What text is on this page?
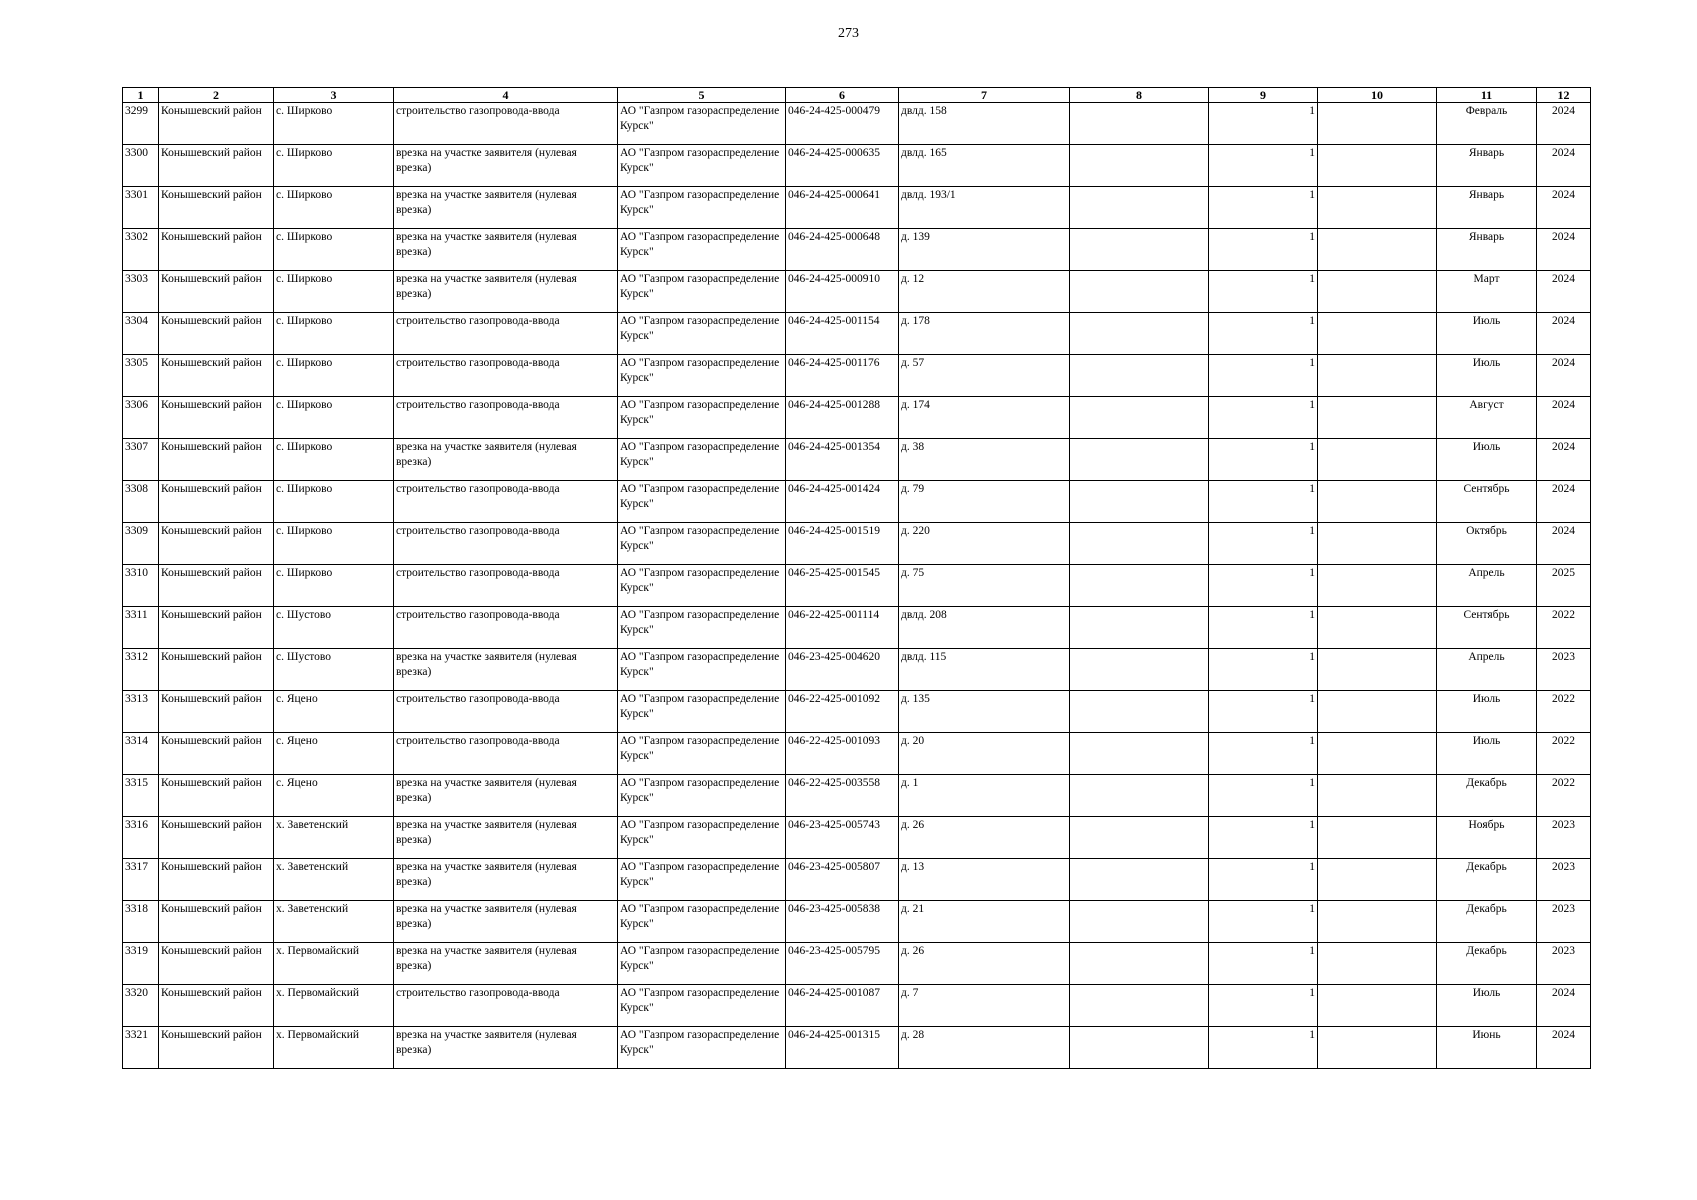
273
1	2	3	4	5	6	7	8	9	10	11	12
3299	Конышевский район	с. Ширково	строительство газопровода-ввода	АО "Газпром газораспределение Курск"	046-24-425-000479	двлд. 158		1		Февраль	2024
3300	Конышевский район	с. Ширково	врезка на участке заявителя (нулевая врезка)	АО "Газпром газораспределение Курск"	046-24-425-000635	двлд. 165		1		Январь	2024
3301	Конышевский район	с. Ширково	врезка на участке заявителя (нулевая врезка)	АО "Газпром газораспределение Курск"	046-24-425-000641	двлд. 193/1		1		Январь	2024
3302	Конышевский район	с. Ширково	врезка на участке заявителя (нулевая врезка)	АО "Газпром газораспределение Курск"	046-24-425-000648	д. 139		1		Январь	2024
3303	Конышевский район	с. Ширково	врезка на участке заявителя (нулевая врезка)	АО "Газпром газораспределение Курск"	046-24-425-000910	д. 12		1		Март	2024
3304	Конышевский район	с. Ширково	строительство газопровода-ввода	АО "Газпром газораспределение Курск"	046-24-425-001154	д. 178		1		Июль	2024
3305	Конышевский район	с. Ширково	строительство газопровода-ввода	АО "Газпром газораспределение Курск"	046-24-425-001176	д. 57		1		Июль	2024
3306	Конышевский район	с. Ширково	строительство газопровода-ввода	АО "Газпром газораспределение Курск"	046-24-425-001288	д. 174		1		Август	2024
3307	Конышевский район	с. Ширково	врезка на участке заявителя (нулевая врезка)	АО "Газпром газораспределение Курск"	046-24-425-001354	д. 38		1		Июль	2024
3308	Конышевский район	с. Ширково	строительство газопровода-ввода	АО "Газпром газораспределение Курск"	046-24-425-001424	д. 79		1		Сентябрь	2024
3309	Конышевский район	с. Ширково	строительство газопровода-ввода	АО "Газпром газораспределение Курск"	046-24-425-001519	д. 220		1		Октябрь	2024
3310	Конышевский район	с. Ширково	строительство газопровода-ввода	АО "Газпром газораспределение Курск"	046-25-425-001545	д. 75		1		Апрель	2025
3311	Конышевский район	с. Шустово	строительство газопровода-ввода	АО "Газпром газораспределение Курск"	046-22-425-001114	двлд. 208		1		Сентябрь	2022
3312	Конышевский район	с. Шустово	врезка на участке заявителя (нулевая врезка)	АО "Газпром газораспределение Курск"	046-23-425-004620	двлд. 115		1		Апрель	2023
3313	Конышевский район	с. Яцено	строительство газопровода-ввода	АО "Газпром газораспределение Курск"	046-22-425-001092	д. 135		1		Июль	2022
3314	Конышевский район	с. Яцено	строительство газопровода-ввода	АО "Газпром газораспределение Курск"	046-22-425-001093	д. 20		1		Июль	2022
3315	Конышевский район	с. Яцено	врезка на участке заявителя (нулевая врезка)	АО "Газпром газораспределение Курск"	046-22-425-003558	д. 1		1		Декабрь	2022
3316	Конышевский район	х. Заветенский	врезка на участке заявителя (нулевая врезка)	АО "Газпром газораспределение Курск"	046-23-425-005743	д. 26		1		Ноябрь	2023
3317	Конышевский район	х. Заветенский	врезка на участке заявителя (нулевая врезка)	АО "Газпром газораспределение Курск"	046-23-425-005807	д. 13		1		Декабрь	2023
3318	Конышевский район	х. Заветенский	врезка на участке заявителя (нулевая врезка)	АО "Газпром газораспределение Курск"	046-23-425-005838	д. 21		1		Декабрь	2023
3319	Конышевский район	х. Первомайский	врезка на участке заявителя (нулевая врезка)	АО "Газпром газораспределение Курск"	046-23-425-005795	д. 26		1		Декабрь	2023
3320	Конышевский район	х. Первомайский	строительство газопровода-ввода	АО "Газпром газораспределение Курск"	046-24-425-001087	д. 7		1		Июль	2024
3321	Конышевский район	х. Первомайский	врезка на участке заявителя (нулевая врезка)	АО "Газпром газораспределение Курск"	046-24-425-001315	д. 28		1		Июнь	2024
